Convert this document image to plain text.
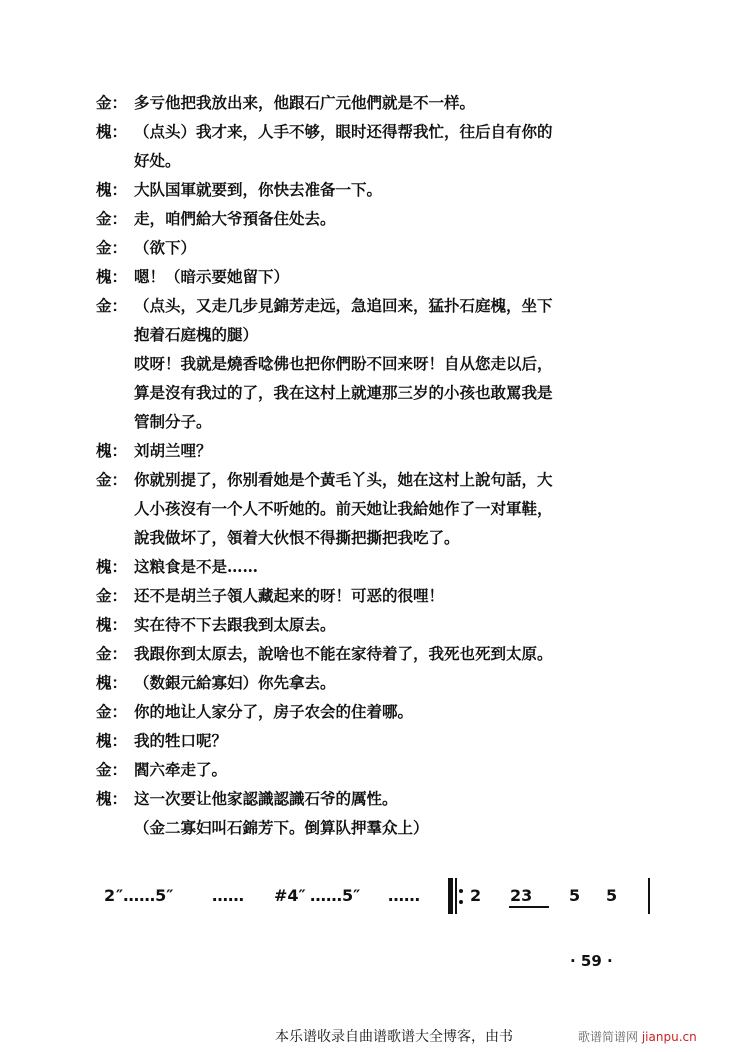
金： 多亏他把我放出来，他跟石广元他們就是不一样。
槐： （点头）我才来，人手不够，眼时还得帮我忙，往后自有你的
好处。
槐： 大队国軍就要到，你快去准备一下。
金： 走，咱們給大爷預备住处去。
金： （欲下）
槐： 嗯！（暗示要她留下）
金： （点头，又走几步見錦芳走远，急追回来，猛扑石庭槐，坐下
抱着石庭槐的腿）
哎呀！我就是燒香唸佛也把你們盼不回来呀！自从您走以后，
算是沒有我过的了，我在这村上就連那三岁的小孩也敢罵我是
管制分子。
槐： 刘胡兰哩？
金： 你就别提了，你别看她是个黃毛丫头，她在这村上說句話，大
人小孩沒有一个人不听她的。前天她让我給她作了一对軍鞋，
說我做坏了，領着大伙恨不得撕把撕把我吃了。
槐： 这粮食是不是……
金： 还不是胡兰子領人藏起来的呀！可恶的很哩！
槐： 实在待不下去跟我到太原去。
金： 我跟你到太原去，說啥也不能在家待着了，我死也死到太原。
槐： （数銀元給寡妇）你先拿去。
金： 你的地让人家分了，房子农会的住着哪。
槐： 我的牲口呢？
金： 閻六牵走了。
槐： 这一次要让他家認識認識石爷的厲性。
（金二寡妇叫石錦芳下。倒算队押羣众上）
2 ″……5″ …… #4″ ……5″ ……	2 23 5 5
· 59 ·
本乐谱收录自曲谱歌谱大全博客，由书	歌谱简谱网 jianpu.cn
